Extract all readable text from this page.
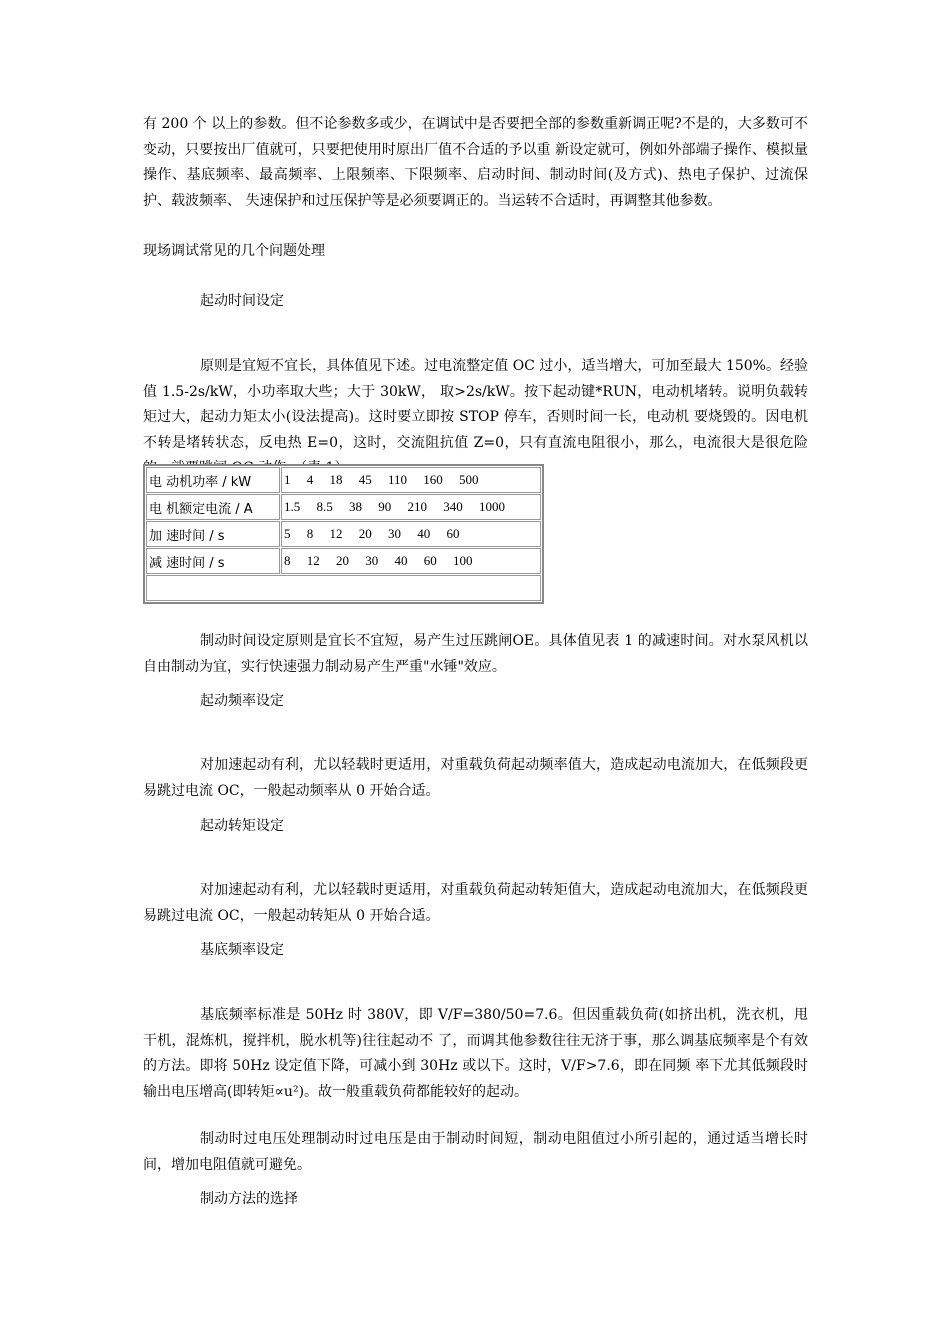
有 200 个 以上的参数。但不论参数多或少，在调试中是否要把全部的参数重新调正呢?不是的，大多数可不变动，只要按出厂值就可，只要把使用时原出厂值不合适的予以重 新设定就可，例如外部端子操作、模拟量操作、基底频率、最高频率、上限频率、下限频率、启动时间、制动时间(及方式)、热电子保护、过流保护、载波频率、 失速保护和过压保护等是必须要调正的。当运转不合适时，再调整其他参数。

现场调试常见的几个问题处理
起动时间设定

原则是宜短不宜长，具体值见下述。过电流整定值 OC 过小，适当增大，可加至最大 150%。经验值 1.5-2s/kW，小功率取大些；大于 30kW， 取>2s/kW。按下起动键*RUN，电动机堵转。说明负载转矩过大，起动力矩太小(设法提高)。这时要立即按 STOP 停车，否则时间一长，电动机 要烧毁的。因电机不转是堵转状态，反电热 E=0，这时，交流阻抗值 Z=0，只有直流电阻很小，那么，电流很大是很危险

电 动机功率 / kW	1 4 18 45 110 160 500
电 机额定电流 / A	1.5 8.5 38 90 210 340 1000
加 速时间 / s	5 8 12 20 30 40 60
减 速时间 / s	8 12 20 30 40 60 100

制动时间设定原则是宜长不宜短，易产生过压跳闸OE。具体值见表 1 的减速时间。对水泵风机以自由制动为宜，实行快速强力制动易产生严重"水锤"效应。

起动频率设定

对加速起动有利，尤以轻载时更适用，对重载负荷起动频率值大，造成起动电流加大，在低频段更易跳过电流 OC，一般起动频率从 0 开始合适。

起动转矩设定

对加速起动有利，尤以轻载时更适用，对重载负荷起动转矩值大，造成起动电流加大，在低频段更易跳过电流 OC，一般起动转矩从 0 开始合适。

基底频率设定

基底频率标准是 50Hz 时 380V，即 V/F=380/50=7.6。但因重载负荷(如挤出机，洗衣机，甩干机，混炼机，搅拌机，脱水机等)往往起动不 了，而调其他参数往往无济于事，那么调基底频率是个有效的方法。即将 50Hz 设定值下降，可减小到 30Hz 或以下。这时，V/F>7.6，即在同频 率下尤其低频段时输出电压增高(即转矩∝u²)。故一般重载负荷都能较好的起动。

制动时过电压处理制动时过电压是由于制动时间短，制动电阻值过小所引起的，通过适当增长时间，增加电阻值就可避免。

制动方法的选择
